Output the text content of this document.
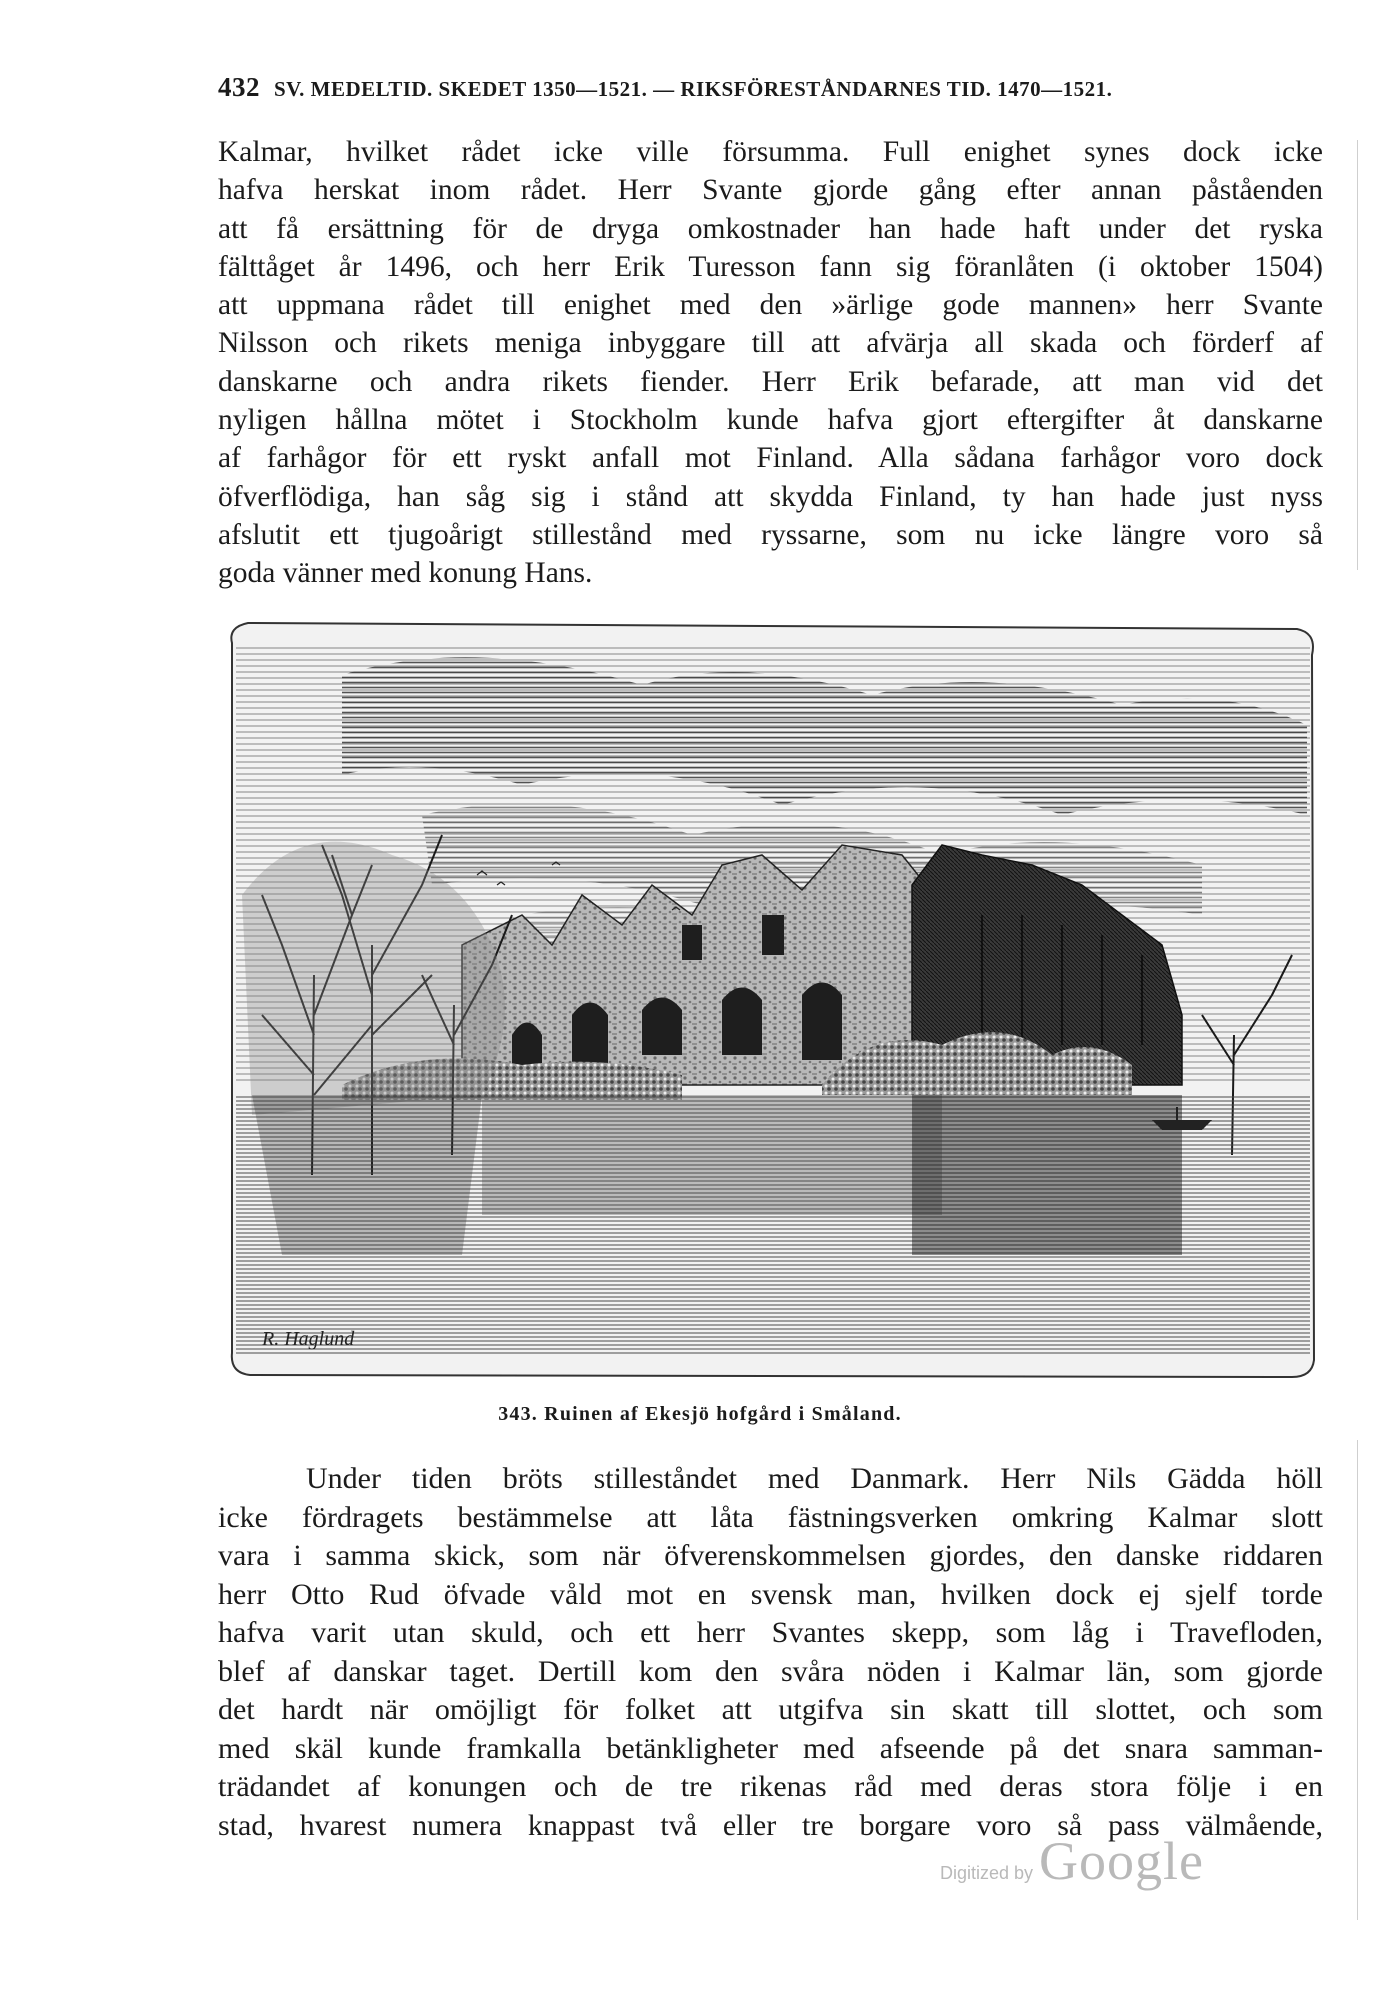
432 SV. MEDELTID. SKEDET 1350—1521. — RIKSFÖRESTÅNDARNES TID. 1470—1521.
Kalmar, hvilket rådet icke ville försumma. Full enighet synes dock icke
hafva herskat inom rådet. Herr Svante gjorde gång efter annan påståenden
att få ersättning för de dryga omkostnader han hade haft under det ryska
fälttåget år 1496, och herr Erik Turesson fann sig föranlåten (i oktober 1504)
att uppmana rådet till enighet med den »ärlige gode mannen» herr Svante
Nilsson och rikets meniga inbyggare till att afvärja all skada och förderf af
danskarne och andra rikets fiender. Herr Erik befarade, att man vid det
nyligen hållna mötet i Stockholm kunde hafva gjort eftergifter åt danskarne
af farhågor för ett ryskt anfall mot Finland. Alla sådana farhågor voro dock
öfverflödiga, han såg sig i stånd att skydda Finland, ty han hade just nyss
afslutit ett tjugoårigt stillestånd med ryssarne, som nu icke längre voro så
goda vänner med konung Hans.
R. Haglund
343. Ruinen af Ekesjö hofgård i Småland.
Under tiden bröts stilleståndet med Danmark. Herr Nils Gädda höll
icke fördragets bestämmelse att låta fästningsverken omkring Kalmar slott
vara i samma skick, som när öfverenskommelsen gjordes, den danske riddaren
herr Otto Rud öfvade våld mot en svensk man, hvilken dock ej sjelf torde
hafva varit utan skuld, och ett herr Svantes skepp, som låg i Travefloden,
blef af danskar taget. Dertill kom den svåra nöden i Kalmar län, som gjorde
det hardt när omöjligt för folket att utgifva sin skatt till slottet, och som
med skäl kunde framkalla betänkligheter med afseende på det snara samman-
trädandet af konungen och de tre rikenas råd med deras stora följe i en
stad, hvarest numera knappast två eller tre borgare voro så pass välmående,
Digitized by Google
